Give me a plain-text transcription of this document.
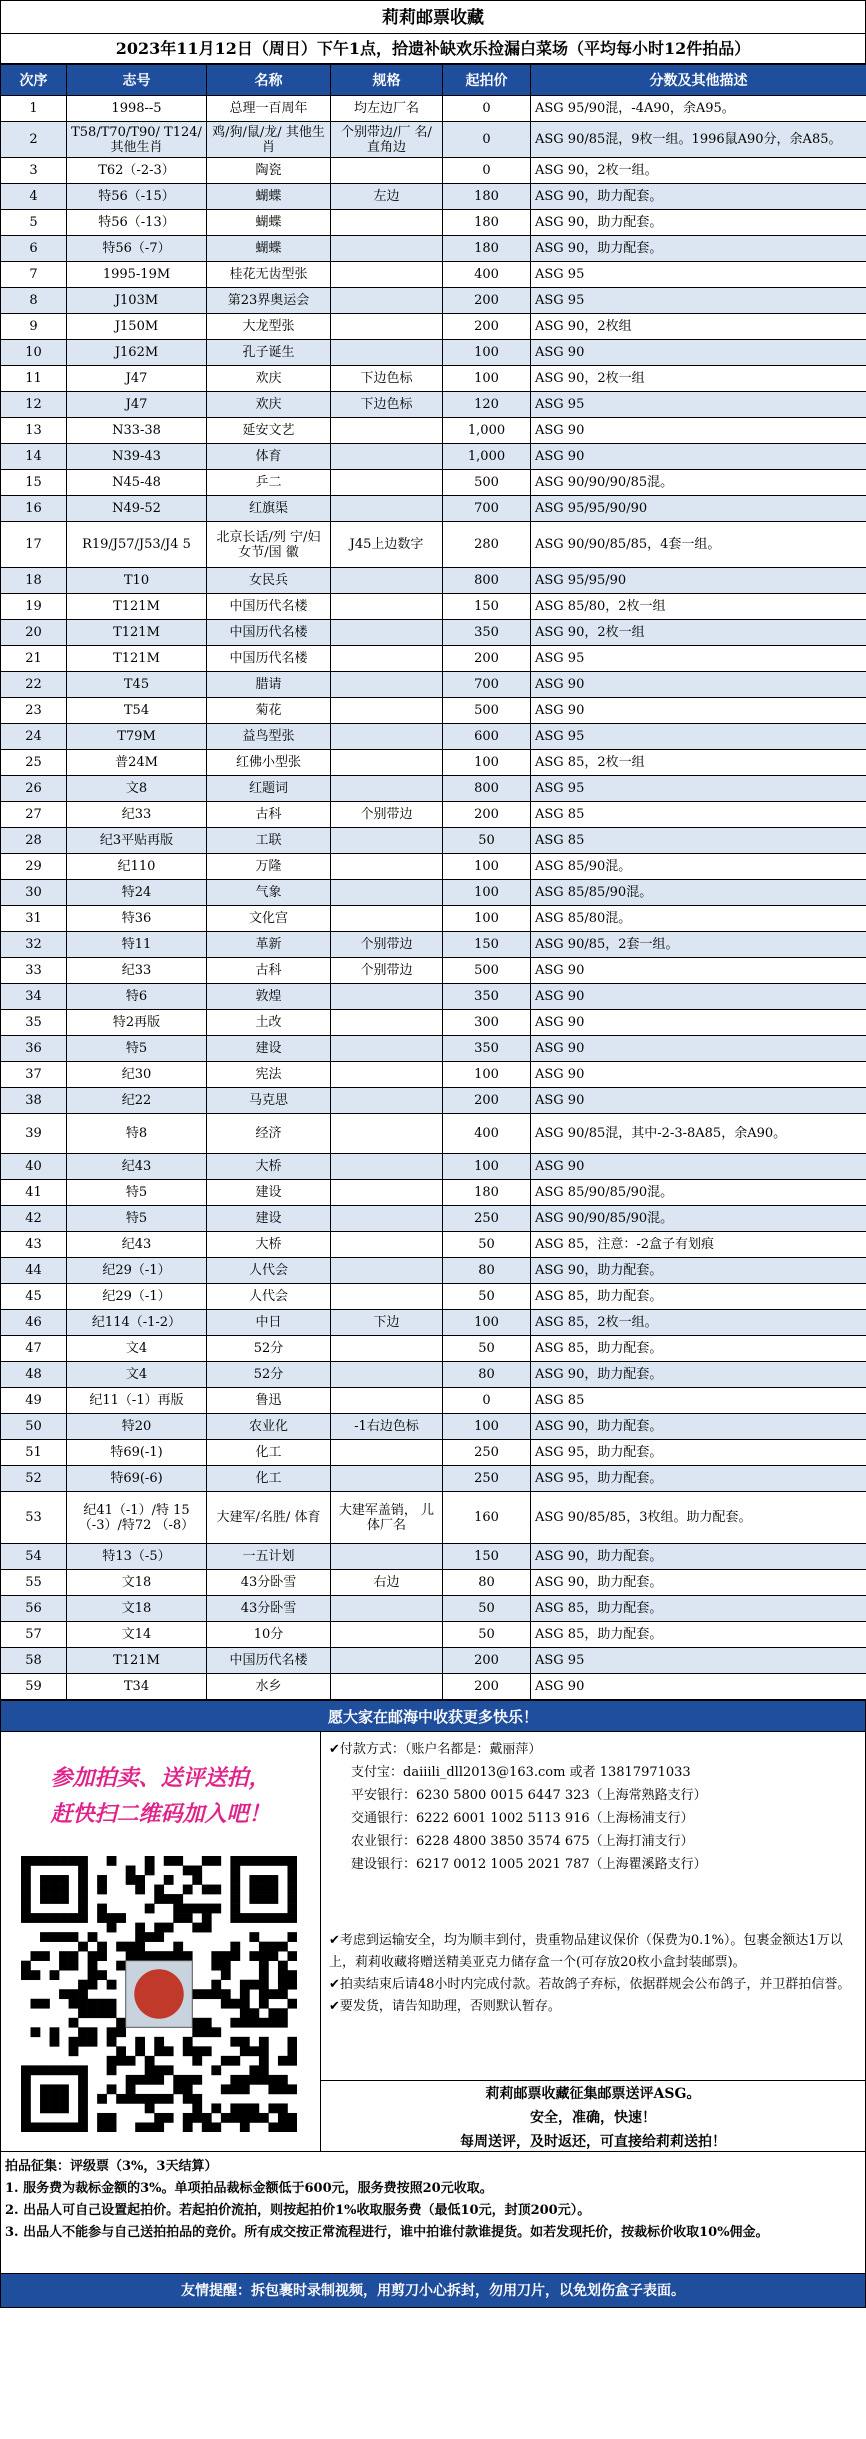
莉莉邮票收藏
2023年11月12日（周日）下午1点，拾遗补缺欢乐捡漏白菜场（平均每小时12件拍品）
次序	志号	名称	规格	起拍价	分数及其他描述
1	1998--5	总理一百周年	均左边厂名	0	ASG 95/90混，-4A90，余A95。
2	T58/T70/T90/ T124/其他生肖	鸡/狗/鼠/龙/ 其他生肖	个别带边/厂 名/直角边	0	ASG 90/85混，9枚一组。1996鼠A90分，余A85。
3	T62（-2-3）	陶瓷		0	ASG 90，2枚一组。
4	特56（-15）	蝴蝶	左边	180	ASG 90，助力配套。
5	特56（-13）	蝴蝶		180	ASG 90，助力配套。
6	特56（-7）	蝴蝶		180	ASG 90，助力配套。
7	1995-19M	桂花无齿型张		400	ASG 95
8	J103M	第23界奥运会		200	ASG 95
9	J150M	大龙型张		200	ASG 90，2枚组
10	J162M	孔子诞生		100	ASG 90
11	J47	欢庆	下边色标	100	ASG 90，2枚一组
12	J47	欢庆	下边色标	120	ASG 95
13	N33-38	延安文艺		1,000	ASG 90
14	N39-43	体育		1,000	ASG 90
15	N45-48	乒二		500	ASG 90/90/90/85混。
16	N49-52	红旗渠		700	ASG 95/95/90/90
17	R19/J57/J53/J4 5	北京长话/列 宁/妇女节/国 徽	J45上边数字	280	ASG 90/90/85/85，4套一组。
18	T10	女民兵		800	ASG 95/95/90
19	T121M	中国历代名楼		150	ASG 85/80，2枚一组
20	T121M	中国历代名楼		350	ASG 90，2枚一组
21	T121M	中国历代名楼		200	ASG 95
22	T45	腊请		700	ASG 90
23	T54	菊花		500	ASG 90
24	T79M	益鸟型张		600	ASG 95
25	普24M	红佛小型张		100	ASG 85，2枚一组
26	文8	红题词		800	ASG 95
27	纪33	古科	个别带边	200	ASG 85
28	纪3平贴再版	工联		50	ASG 85
29	纪110	万隆		100	ASG 85/90混。
30	特24	气象		100	ASG 85/85/90混。
31	特36	文化宫		100	ASG 85/80混。
32	特11	革新	个别带边	150	ASG 90/85，2套一组。
33	纪33	古科	个别带边	500	ASG 90
34	特6	敦煌		350	ASG 90
35	特2再版	土改		300	ASG 90
36	特5	建设		350	ASG 90
37	纪30	宪法		100	ASG 90
38	纪22	马克思		200	ASG 90
39	特8	经济		400	ASG 90/85混，其中-2-3-8A85，余A90。
40	纪43	大桥		100	ASG 90
41	特5	建设		180	ASG 85/90/85/90混。
42	特5	建设		250	ASG 90/90/85/90混。
43	纪43	大桥		50	ASG 85，注意：-2盒子有划痕
44	纪29（-1）	人代会		80	ASG 90，助力配套。
45	纪29（-1）	人代会		50	ASG 85，助力配套。
46	纪114（-1-2）	中日	下边	100	ASG 85，2枚一组。
47	文4	52分		50	ASG 85，助力配套。
48	文4	52分		80	ASG 90，助力配套。
49	纪11（-1）再版	鲁迅		0	ASG 85
50	特20	农业化	-1右边色标	100	ASG 90，助力配套。
51	特69(-1)	化工		250	ASG 95，助力配套。
52	特69(-6)	化工		250	ASG 95，助力配套。
53	纪41（-1）/特 15（-3）/特72 （-8）	大建军/名胜/ 体育	大建军盖销， 儿体厂名	160	ASG 90/85/85，3枚组。助力配套。
54	特13（-5）	一五计划		150	ASG 90，助力配套。
55	文18	43分卧雪	右边	80	ASG 90，助力配套。
56	文18	43分卧雪		50	ASG 85，助力配套。
57	文14	10分		50	ASG 85，助力配套。
58	T121M	中国历代名楼		200	ASG 95
59	T34	水乡		200	ASG 90
愿大家在邮海中收获更多快乐！
参加拍卖、送评送拍，
赶快扫二维码加入吧！
✔付款方式：（账户名都是：戴丽萍）
支付宝：daiiili_dll2013@163.com 或者 13817971033
平安银行：6230 5800 0015 6447 323（上海常熟路支行）
交通银行：6222 6001 1002 5113 916（上海杨浦支行）
农业银行：6228 4800 3850 3574 675（上海打浦支行）
建设银行：6217 0012 1005 2021 787（上海瞿溪路支行）
✔考虑到运输安全，均为顺丰到付，贵重物品建议保价（保费为0.1%）。包裹金额达1万以上，莉莉收藏将赠送精美亚克力储存盒一个(可存放20枚小盒封装邮票)。
✔拍卖结束后请48小时内完成付款。若故鸽子弃标，依据群规会公布鸽子，并卫群拍信誉。
✔要发货，请告知助理，否则默认暂存。
莉莉邮票收藏征集邮票送评ASG。
安全，准确，快速！
每周送评，及时返还，可直接给莉莉送拍！
拍品征集：评级票（3%，3天结算）
1. 服务费为裁标金额的3%。单项拍品裁标金额低于600元，服务费按照20元收取。
2. 出品人可自己设置起拍价。若起拍价流拍，则按起拍价1%收取服务费（最低10元，封顶200元）。
3. 出品人不能参与自己送拍拍品的竞价。所有成交按正常流程进行，谁中拍谁付款谁提货。如若发现托价，按裁标价收取10%佣金。
友情提醒：拆包裹时录制视频，用剪刀小心拆封，勿用刀片，以免划伤盒子表面。
